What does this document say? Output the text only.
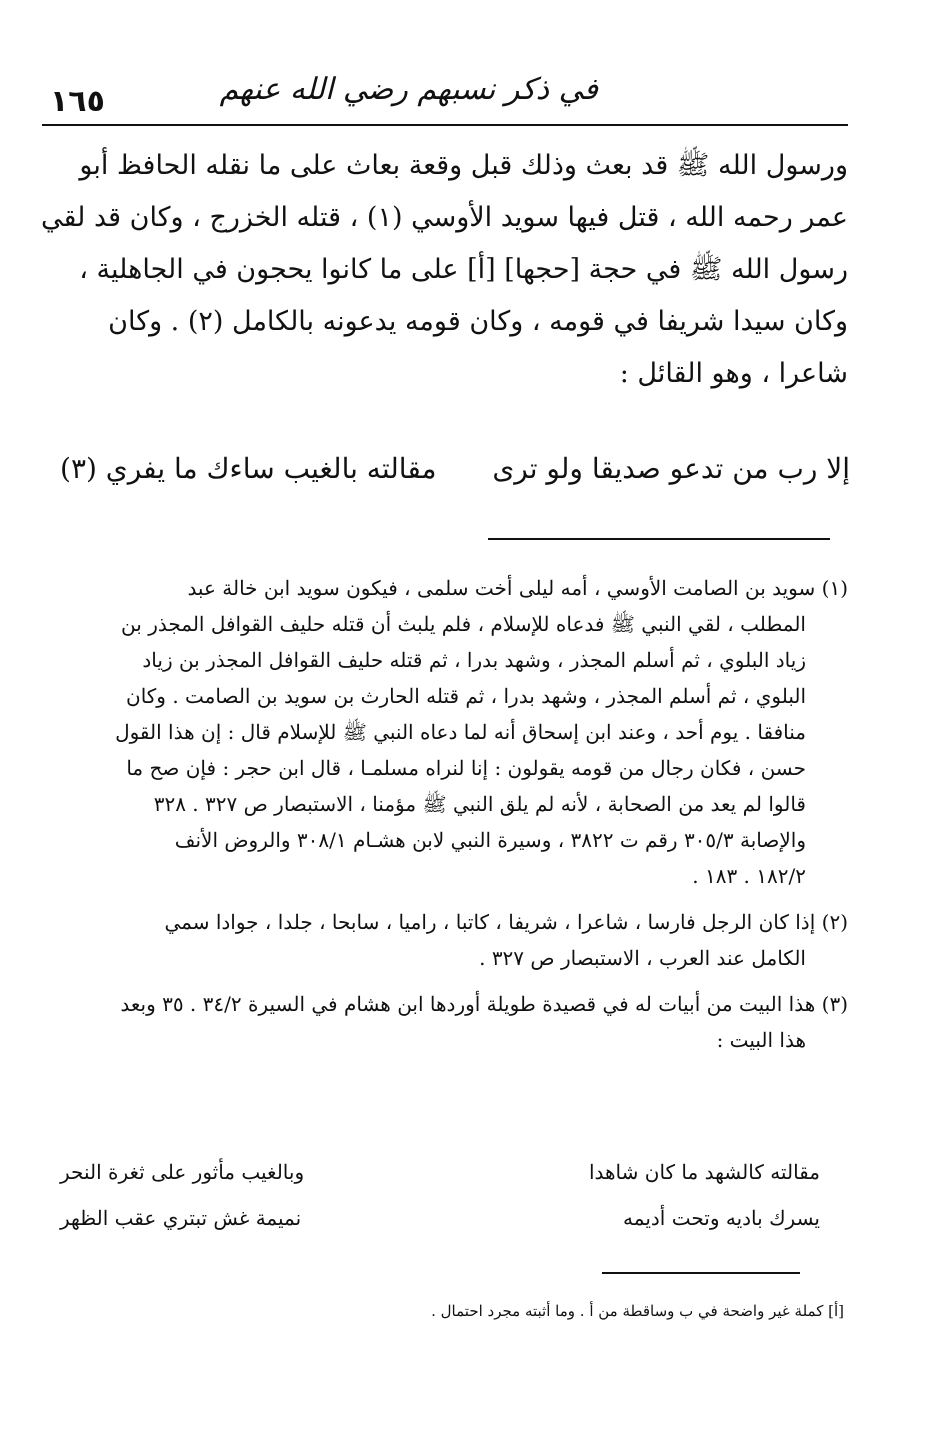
١٦٥	في ذكر نسبهم رضي الله عنهم
ورسول الله ﷺ قد بعث وذلك قبل وقعة بعاث على ما نقله الحافظ أبو
عمر رحمه الله ، قتل فيها سويد الأوسي (١) ، قتله الخزرج ، وكان قد لقي
رسول الله ﷺ في حجة [حجها] [أ] على ما كانوا يحجون في الجاهلية ،
وكان سيدا شريفا في قومه ، وكان قومه يدعونه بالكامل (٢) . وكان
شاعرا ، وهو القائل :
إلا رب من تدعو صديقا ولو ترى
مقالته بالغيب ساءك ما يفري (٣)
(١) سويد بن الصامت الأوسي ، أمه ليلى أخت سلمى ، فيكون سويد ابن خالة عبد
المطلب ، لقي النبي ﷺ فدعاه للإسلام ، فلم يلبث أن قتله حليف القوافل المجذر بن
زياد البلوي ، ثم أسلم المجذر ، وشهد بدرا ، ثم قتله حليف القوافل المجذر بن زياد
البلوي ، ثم أسلم المجذر ، وشهد بدرا ، ثم قتله الحارث بن سويد بن الصامت . وكان
منافقا . يوم أحد ، وعند ابن إسحاق أنه لما دعاه النبي ﷺ للإسلام قال : إن هذا القول
حسن ، فكان رجال من قومه يقولون : إنا لنراه مسلمـا ، قال ابن حجر : فإن صح ما
قالوا لم يعد من الصحابة ، لأنه لم يلق النبي ﷺ مؤمنا ، الاستبصار ص ٣٢٧ . ٣٢٨
والإصابة ٣٠٥/٣ رقم ت ٣٨٢٢ ، وسيرة النبي لابن هشـام ٣٠٨/١ والروض الأنف
١٨٢/٢ . ١٨٣ .
(٢) إذا كان الرجل فارسا ، شاعرا ، شريفا ، كاتبا ، راميا ، سابحا ، جلدا ، جوادا سمي
الكامل عند العرب ، الاستبصار ص ٣٢٧ .
(٣) هذا البيت من أبيات له في قصيدة طويلة أوردها ابن هشام في السيرة ٣٤/٢ . ٣٥ وبعد
هذا البيت :
مقالته كالشهد ما كان شاهدا
وبالغيب مأثور على ثغرة النحر
يسرك باديه وتحت أديمه
نميمة غش تبتري عقب الظهر
[أ] كملة غير واضحة في ب وساقطة من أ . وما أثبته مجرد احتمال .
